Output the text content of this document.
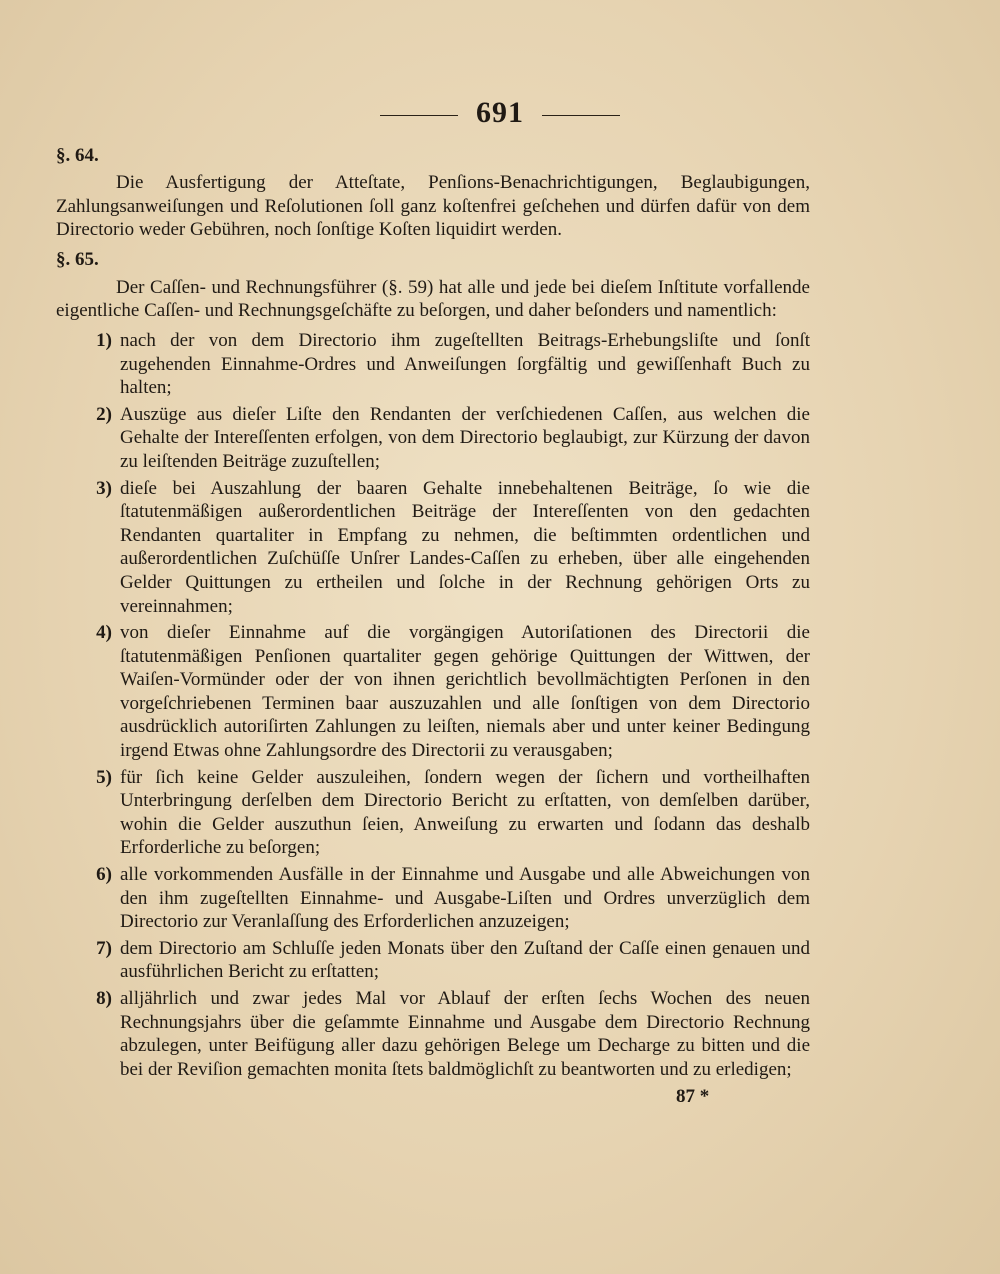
691

§. 64.

Die Ausfertigung der Atteſtate, Penſions-Benachrichtigungen, Beglaubigungen, Zahlungsanweiſungen und Reſolutionen ſoll ganz koſtenfrei geſchehen und dürfen dafür von dem Directorio weder Gebühren, noch ſonſtige Koſten liquidirt werden.

§. 65.

Der Caſſen- und Rechnungsführer (§. 59) hat alle und jede bei dieſem Inſtitute vorfallende eigentliche Caſſen- und Rechnungsgeſchäfte zu beſorgen, und daher beſonders und namentlich:

1) nach der von dem Directorio ihm zugeſtellten Beitrags-Erhebungsliſte und ſonſt zugehenden Einnahme-Ordres und Anweiſungen ſorgfältig und gewiſſenhaft Buch zu halten;
2) Auszüge aus dieſer Liſte den Rendanten der verſchiedenen Caſſen, aus welchen die Gehalte der Intereſſenten erfolgen, von dem Directorio beglaubigt, zur Kürzung der davon zu leiſtenden Beiträge zuzuſtellen;
3) dieſe bei Auszahlung der baaren Gehalte innebehaltenen Beiträge, ſo wie die ſtatutenmäßigen außerordentlichen Beiträge der Intereſſenten von den gedachten Rendanten quartaliter in Empfang zu nehmen, die beſtimmten ordentlichen und außerordentlichen Zuſchüſſe Unſrer Landes-Caſſen zu erheben, über alle eingehenden Gelder Quittungen zu ertheilen und ſolche in der Rechnung gehörigen Orts zu vereinnahmen;
4) von dieſer Einnahme auf die vorgängigen Autoriſationen des Directorii die ſtatutenmäßigen Penſionen quartaliter gegen gehörige Quittungen der Wittwen, der Waiſen-Vormünder oder der von ihnen gerichtlich bevollmächtigten Perſonen in den vorgeſchriebenen Terminen baar auszuzahlen und alle ſonſtigen von dem Directorio ausdrücklich autoriſirten Zahlungen zu leiſten, niemals aber und unter keiner Bedingung irgend Etwas ohne Zahlungsordre des Directorii zu verausgaben;
5) für ſich keine Gelder auszuleihen, ſondern wegen der ſichern und vortheilhaften Unterbringung derſelben dem Directorio Bericht zu erſtatten, von demſelben darüber, wohin die Gelder auszuthun ſeien, Anweiſung zu erwarten und ſodann das deshalb Erforderliche zu beſorgen;
6) alle vorkommenden Ausfälle in der Einnahme und Ausgabe und alle Abweichungen von den ihm zugeſtellten Einnahme- und Ausgabe-Liſten und Ordres unverzüglich dem Directorio zur Veranlaſſung des Erforderlichen anzuzeigen;
7) dem Directorio am Schluſſe jeden Monats über den Zuſtand der Caſſe einen genauen und ausführlichen Bericht zu erſtatten;
8) alljährlich und zwar jedes Mal vor Ablauf der erſten ſechs Wochen des neuen Rechnungsjahrs über die geſammte Einnahme und Ausgabe dem Directorio Rechnung abzulegen, unter Beifügung aller dazu gehörigen Belege um Decharge zu bitten und die bei der Reviſion gemachten monita ſtets baldmöglichſt zu beantworten und zu erledigen;
87 *
